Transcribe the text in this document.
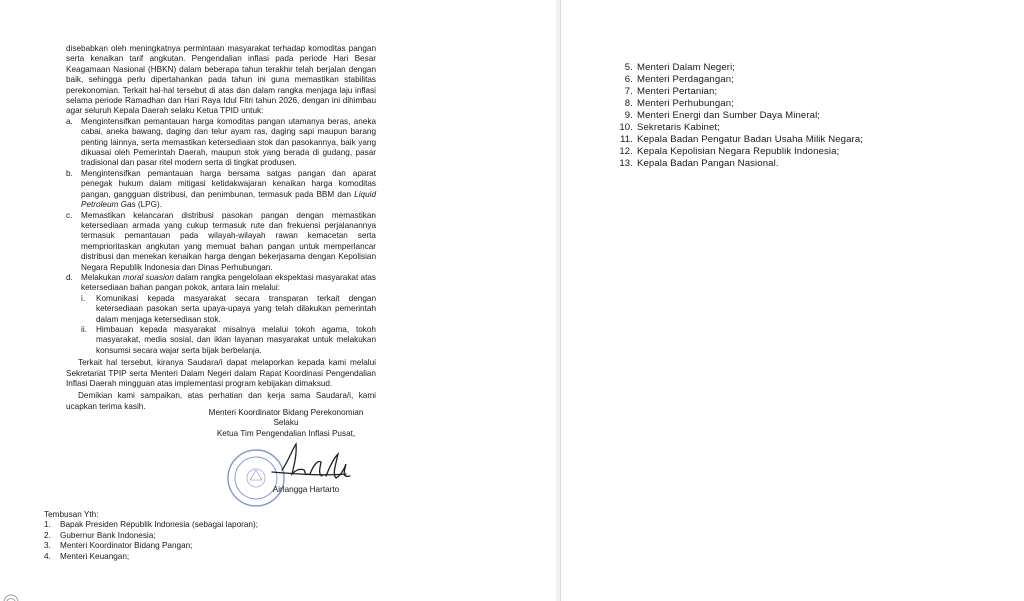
disebabkan oleh meningkatnya permintaan masyarakat terhadap komoditas pangan serta kenaikan tarif angkutan. Pengendalian inflasi pada periode Hari Besar Keagamaan Nasional (HBKN) dalam beberapa tahun terakhir telah berjalan dengan baik, sehingga perlu dipertahankan pada tahun ini guna memastikan stabilitas perekonomian. Terkait hal-hal tersebut di atas dan dalam rangka menjaga laju inflasi selama periode Ramadhan dan Hari Raya Idul Fitri tahun 2026, dengan ini dihimbau agar seluruh Kepala Daerah selaku Ketua TPID untuk:
a. Mengintensifkan pemantauan harga komoditas pangan utamanya beras, aneka cabai, aneka bawang, daging dan telur ayam ras, daging sapi maupun barang penting lainnya, serta memastikan ketersediaan stok dan pasokannya, baik yang dikuasai oleh Pemerintah Daerah, maupun stok yang berada di gudang, pasar tradisional dan pasar ritel modern serta di tingkat produsen.
b. Mengintensifkan pemantauan harga bersama satgas pangan dan aparat penegak hukum dalam mitigasi ketidakwajaran kenaikan harga komoditas pangan, gangguan distribusi, dan penimbunan, termasuk pada BBM dan Liquid Petroleum Gas (LPG).
c. Memastikan kelancaran distribusi pasokan pangan dengan memastikan ketersediaan armada yang cukup termasuk rute dan frekuensi perjalanannya termasuk pemantauan pada wilayah-wilayah rawan kemacetan serta memprioritaskan angkutan yang memuat bahan pangan untuk memperlancar distribusi dan menekan kenaikan harga dengan bekerjasama dengan Kepolisian Negara Republik Indonesia dan Dinas Perhubungan.
d. Melakukan moral suasion dalam rangka pengelolaan ekspektasi masyarakat atas ketersediaan bahan pangan pokok, antara lain melalui:
i. Komunikasi kepada masyarakat secara transparan terkait dengan ketersediaan pasokan serta upaya-upaya yang telah dilakukan pemerintah dalam menjaga ketersediaan stok.
ii. Himbauan kepada masyarakat misalnya melalui tokoh agama, tokoh masyarakat, media sosial, dan iklan layanan masyarakat untuk melakukan konsumsi secara wajar serta bijak berbelanja.
Terkait hal tersebut, kiranya Saudara/i dapat melaporkan kepada kami melalui Sekretariat TPIP serta Menteri Dalam Negeri dalam Rapat Koordinasi Pengendalian Inflasi Daerah mingguan atas implementasi program kebijakan dimaksud.
Demikian kami sampaikan, atas perhatian dan kerja sama Saudara/i, kami ucapkan terima kasih.
Menteri Koordinator Bidang Perekonomian
Selaku
Ketua Tim Pengendalian Inflasi Pusat,
Airlangga Hartarto
Tembusan Yth:
1. Bapak Presiden Republik Indonesia (sebagai laporan);
2. Gubernur Bank Indonesia;
3. Menteri Koordinator Bidang Pangan;
4. Menteri Keuangan;
5. Menteri Dalam Negeri;
6. Menteri Perdagangan;
7. Menteri Pertanian;
8. Menteri Perhubungan;
9. Menteri Energi dan Sumber Daya Mineral;
10. Sekretaris Kabinet;
11. Kepala Badan Pengatur Badan Usaha Milik Negara;
12. Kepala Kepolisian Negara Republik Indonesia;
13. Kepala Badan Pangan Nasional.
